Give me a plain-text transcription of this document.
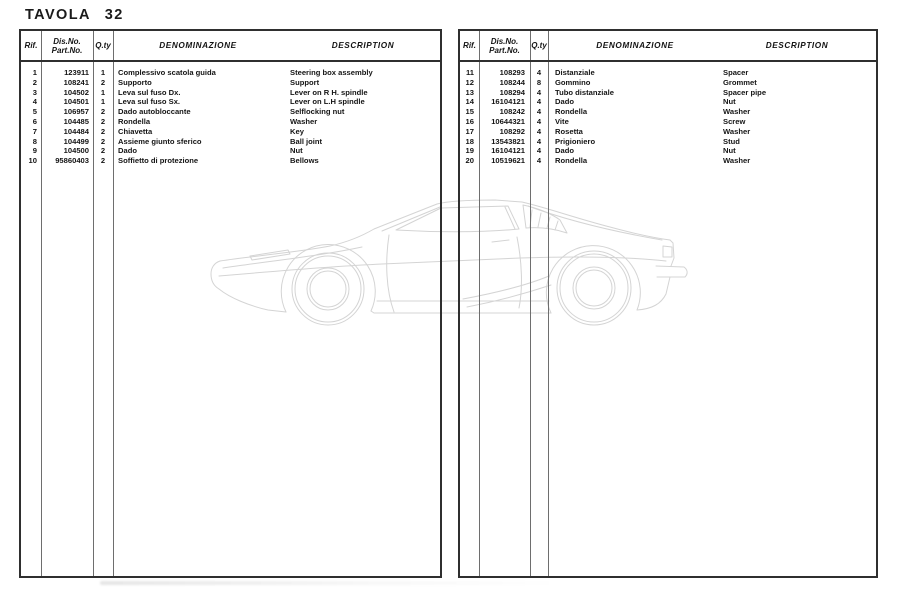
TAVOLA 32
Rif.	Dis.No.
Part.No. Q.ty	DENOMINAZIONE	DESCRIPTION
1	123911	1	Complessivo scatola guida	Steering box assembly
2	108241	2	Supporto	Support
3	104502	1	Leva sul fuso Dx.	Lever on R H. spindle
4	104501	1	Leva sul fuso Sx.	Lever on L.H spindle
5	106957	2	Dado autobloccante	Selflocking nut
6	104485	2	Rondella	Washer
7	104484	2	Chiavetta	Key
8	104499	2	Assieme giunto sferico	Ball joint
9	104500	2	Dado	Nut
10	95860403	2	Soffietto di protezione	Bellows
Rif.	Dis.No.
Part.No. Q.ty	DENOMINAZIONE	DESCRIPTION
11	108293	4	Distanziale	Spacer
12	108244	8	Gommino	Grommet
13	108294	4	Tubo distanziale	Spacer pipe
14	16104121	4	Dado	Nut
15	108242	4	Rondella	Washer
16	10644321	4	Vite	Screw
17	108292	4	Rosetta	Washer
18	13543821	4	Prigioniero	Stud
19	16104121	4	Dado	Nut
20	10519621	4	Rondella	Washer
